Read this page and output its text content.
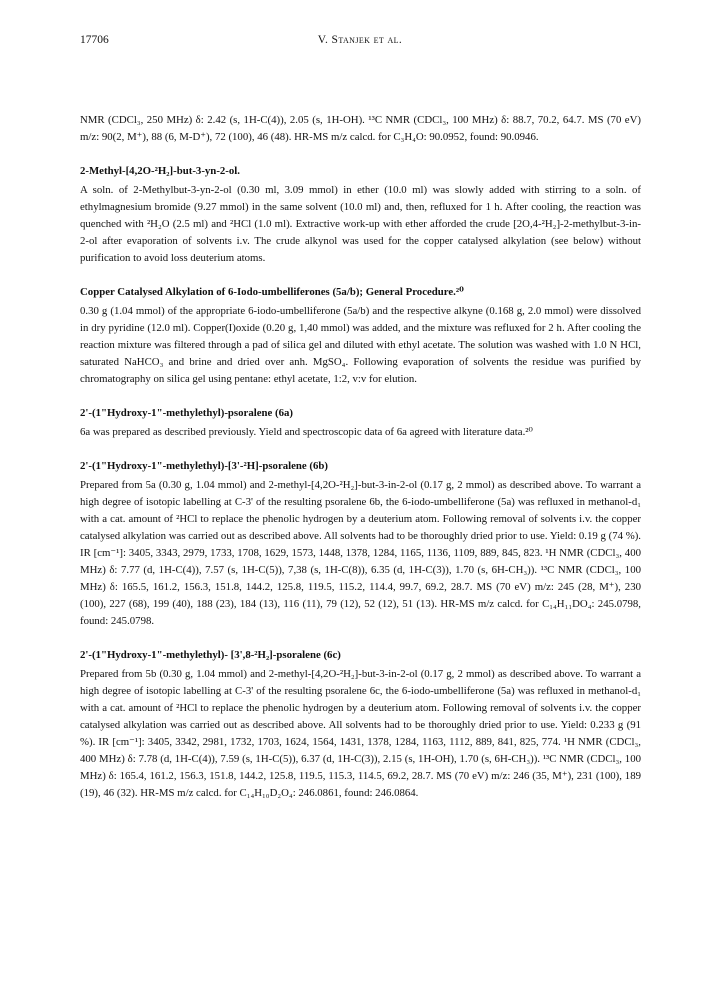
17706	V. Stanjek et al.

NMR (CDCl₃, 250 MHz) δ: 2.42 (s, 1H-C(4)), 2.05 (s, 1H-OH). ¹³C NMR (CDCl₃, 100 MHz) δ: 88.7, 70.2, 64.7. MS (70 eV) m/z: 90(2, M⁺), 88 (6, M-D⁺), 72 (100), 46 (48). HR-MS m/z calcd. for C₃H₄O: 90.0952, found: 90.0946.

2-Methyl-[4,2O-²H₂]-but-3-yn-2-ol.

A soln. of 2-Methylbut-3-yn-2-ol (0.30 ml, 3.09 mmol) in ether (10.0 ml) was slowly added with stirring to a soln. of ethylmagnesium bromide (9.27 mmol) in the same solvent (10.0 ml) and, then, refluxed for 1 h. After cooling, the reaction was quenched with ²H₂O (2.5 ml) and ²HCl (1.0 ml). Extractive work-up with ether afforded the crude [2O,4-²H₂]-2-methylbut-3-in-2-ol after evaporation of solvents i.v. The crude alkynol was used for the copper catalysed alkylation (see below) without purification to avoid loss deuterium atoms.

Copper Catalysed Alkylation of 6-Iodo-umbelliferones (5a/b); General Procedure.²⁰

0.30 g (1.04 mmol) of the appropriate 6-iodo-umbelliferone (5a/b) and the respective alkyne (0.168 g, 2.0 mmol) were dissolved in dry pyridine (12.0 ml). Copper(I)oxide (0.20 g, 1,40 mmol) was added, and the mixture was refluxed for 2 h. After cooling the reaction mixture was filtered through a pad of silica gel and diluted with ethyl acetate. The solution was washed with 1.0 N HCl, saturated NaHCO₃ and brine and dried over anh. MgSO₄. Following evaporation of solvents the residue was purified by chromatography on silica gel using pentane: ethyl acetate, 1:2, v:v for elution.

2'-(1"Hydroxy-1"-methylethyl)-psoralene (6a)

6a was prepared as described previously. Yield and spectroscopic data of 6a agreed with literature data.²⁰

2'-(1"Hydroxy-1"-methylethyl)-[3'-²H]-psoralene (6b)

Prepared from 5a (0.30 g, 1.04 mmol) and 2-methyl-[4,2O-²H₂]-but-3-in-2-ol (0.17 g, 2 mmol) as described above. To warrant a high degree of isotopic labelling at C-3' of the resulting psoralene 6b, the 6-iodo-umbelliferone (5a) was refluxed in methanol-d₁ with a cat. amount of ²HCl to replace the phenolic hydrogen by a deuterium atom. Following removal of solvents i.v. the copper catalysed alkylation was carried out as described above. All solvents had to be thoroughly dried prior to use. Yield: 0.19 g (74 %). IR [cm⁻¹]: 3405, 3343, 2979, 1733, 1708, 1629, 1573, 1448, 1378, 1284, 1165, 1136, 1109, 889, 845, 823. ¹H NMR (CDCl₃, 400 MHz) δ: 7.77 (d, 1H-C(4)), 7.57 (s, 1H-C(5)), 7,38 (s, 1H-C(8)), 6.35 (d, 1H-C(3)), 1.70 (s, 6H-CH₃)). ¹³C NMR (CDCl₃, 100 MHz) δ: 165.5, 161.2, 156.3, 151.8, 144.2, 125.8, 119.5, 115.2, 114.4, 99.7, 69.2, 28.7. MS (70 eV) m/z: 245 (28, M⁺), 230 (100), 227 (68), 199 (40), 188 (23), 184 (13), 116 (11), 79 (12), 52 (12), 51 (13). HR-MS m/z calcd. for C₁₄H₁₁DO₄: 245.0798, found: 245.0798.

2'-(1"Hydroxy-1"-methylethyl)- [3',8-²H₂]-psoralene (6c)

Prepared from 5b (0.30 g, 1.04 mmol) and 2-methyl-[4,2O-²H₂]-but-3-in-2-ol (0.17 g, 2 mmol) as described above. To warrant a high degree of isotopic labelling at C-3' of the resulting psoralene 6c, the 6-iodo-umbelliferone (5a) was refluxed in methanol-d₁ with a cat. amount of ²HCl to replace the phenolic hydrogen by a deuterium atom. Following removal of solvents i.v. the copper catalysed alkylation was carried out as described above. All solvents had to be thoroughly dried prior to use. Yield: 0.233 g (91 %). IR [cm⁻¹]: 3405, 3342, 2981, 1732, 1703, 1624, 1564, 1431, 1378, 1284, 1163, 1112, 889, 841, 825, 774. ¹H NMR (CDCl₃, 400 MHz) δ: 7.78 (d, 1H-C(4)), 7.59 (s, 1H-C(5)), 6.37 (d, 1H-C(3)), 2.15 (s, 1H-OH), 1.70 (s, 6H-CH₃)). ¹³C NMR (CDCl₃, 100 MHz) δ: 165.4, 161.2, 156.3, 151.8, 144.2, 125.8, 119.5, 115.3, 114.5, 69.2, 28.7. MS (70 eV) m/z: 246 (35, M⁺), 231 (100), 189 (19), 46 (32). HR-MS m/z calcd. for C₁₄H₁₀D₂O₄: 246.0861, found: 246.0864.
